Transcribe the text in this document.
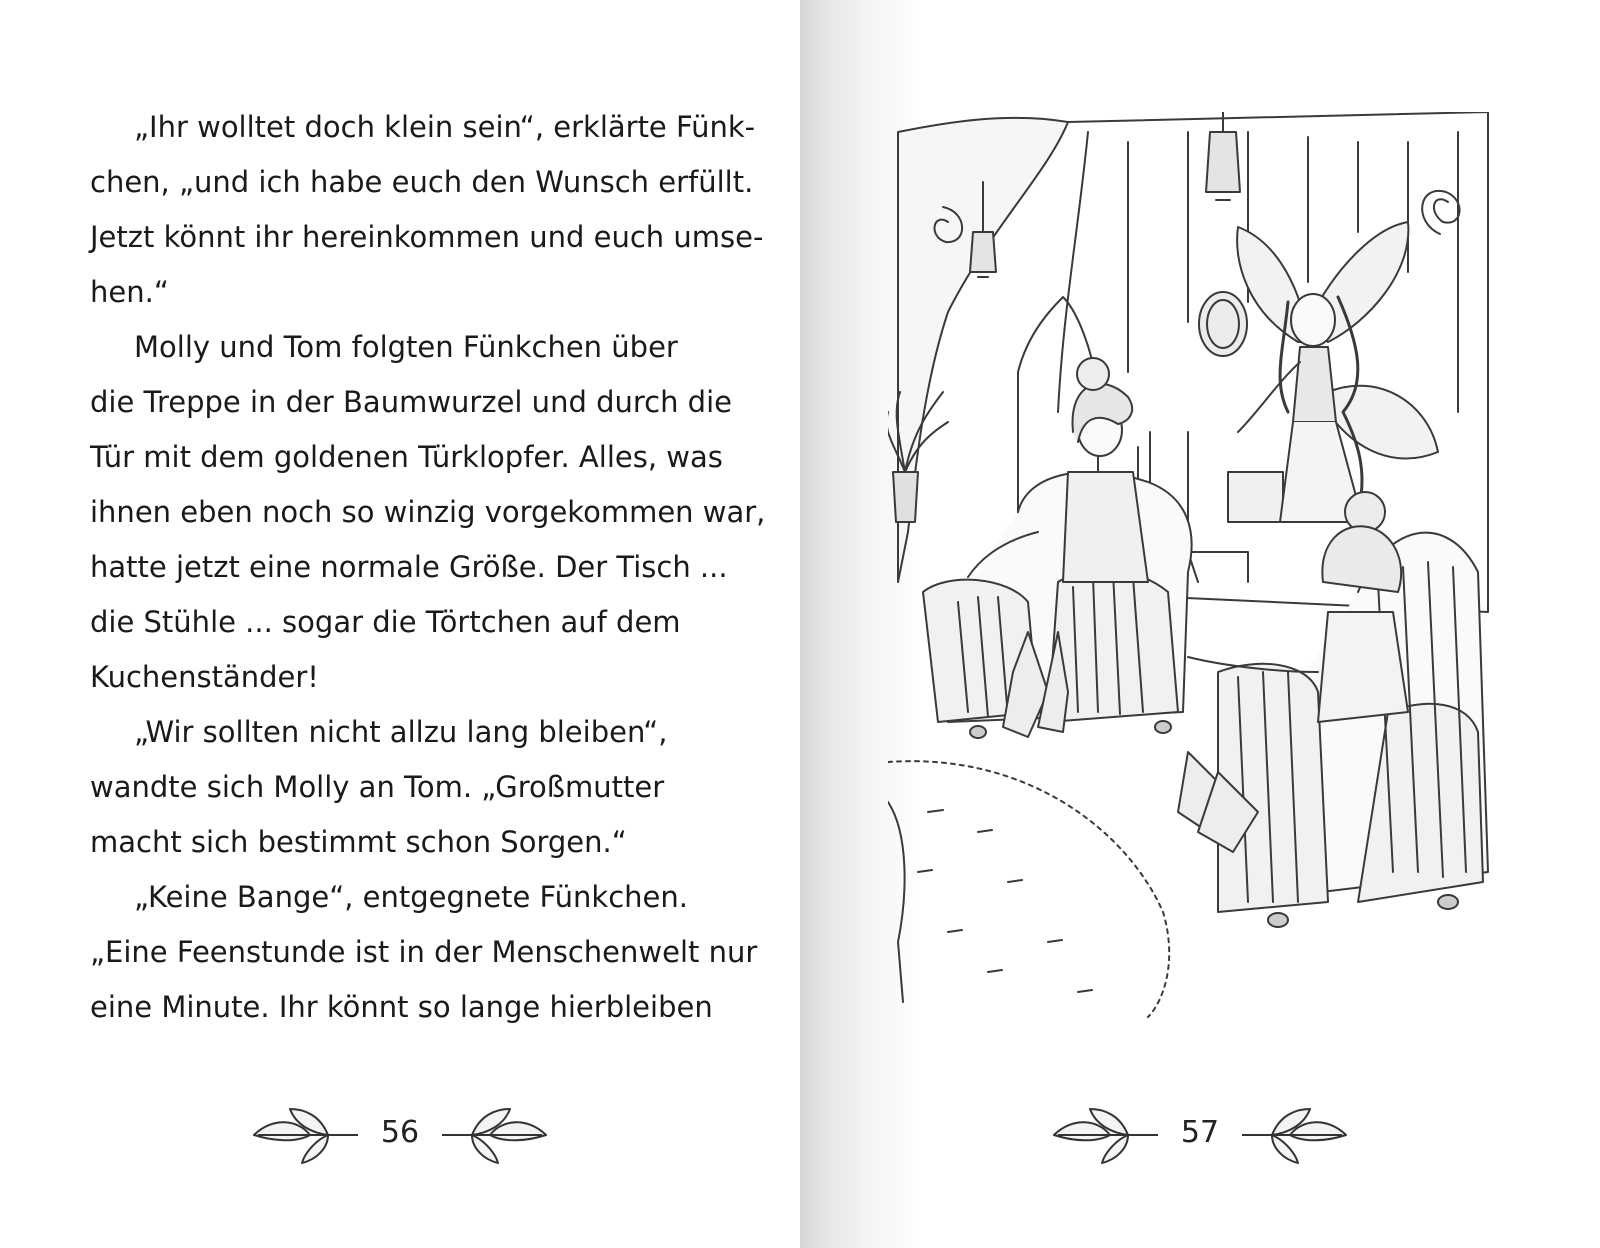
„Ihr wolltet doch klein sein“, erklärte Fünk-
chen, „und ich habe euch den Wunsch erfüllt.
Jetzt könnt ihr hereinkommen und euch umse-
hen.“
Molly und Tom folgten Fünkchen über
die Treppe in der Baumwurzel und durch die
Tür mit dem goldenen Türklopfer. Alles, was
ihnen eben noch so winzig vorgekommen war,
hatte jetzt eine normale Größe. Der Tisch ...
die Stühle ... sogar die Törtchen auf dem
Kuchenständer!
„Wir sollten nicht allzu lang bleiben“,
wandte sich Molly an Tom. „Großmutter
macht sich bestimmt schon Sorgen.“
„Keine Bange“, entgegnete Fünkchen.
„Eine Feenstunde ist in der Menschenwelt nur
eine Minute. Ihr könnt so lange hierbleiben
56	57
